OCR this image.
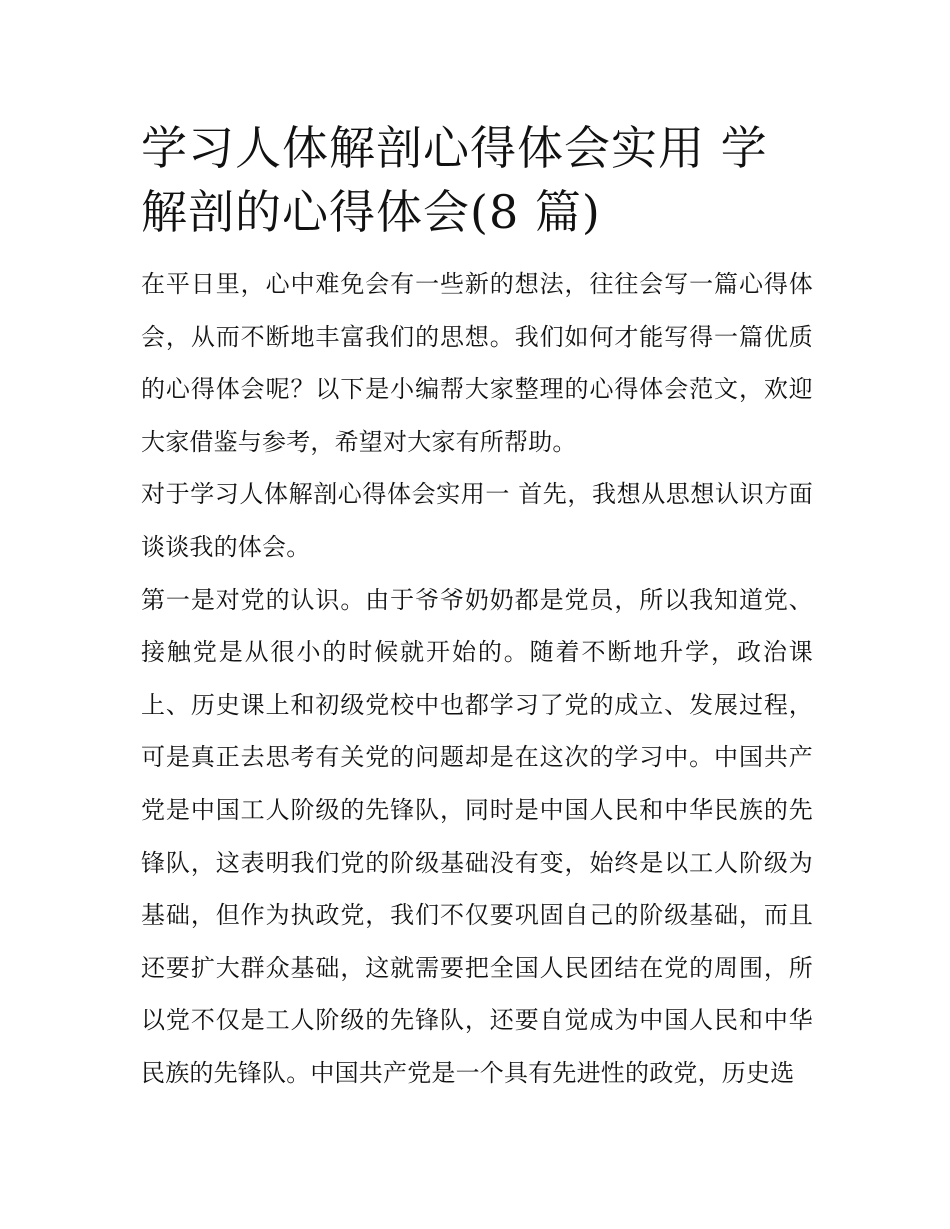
学习人体解剖心得体会实用 学解剖的心得体会(8 篇)

在平日里，心中难免会有一些新的想法，往往会写一篇心得体会，从而不断地丰富我们的思想。我们如何才能写得一篇优质的心得体会呢？以下是小编帮大家整理的心得体会范文，欢迎大家借鉴与参考，希望对大家有所帮助。

对于学习人体解剖心得体会实用一 首先，我想从思想认识方面谈谈我的体会。

第一是对党的认识。由于爷爷奶奶都是党员，所以我知道党、接触党是从很小的时候就开始的。随着不断地升学，政治课上、历史课上和初级党校中也都学习了党的成立、发展过程，可是真正去思考有关党的问题却是在这次的学习中。中国共产党是中国工人阶级的先锋队，同时是中国人民和中华民族的先锋队，这表明我们党的阶级基础没有变，始终是以工人阶级为基础，但作为执政党，我们不仅要巩固自己的阶级基础，而且还要扩大群众基础，这就需要把全国人民团结在党的周围，所以党不仅是工人阶级的先锋队，还要自觉成为中国人民和中华民族的先锋队。中国共产党是一个具有先进性的政党，历史选
